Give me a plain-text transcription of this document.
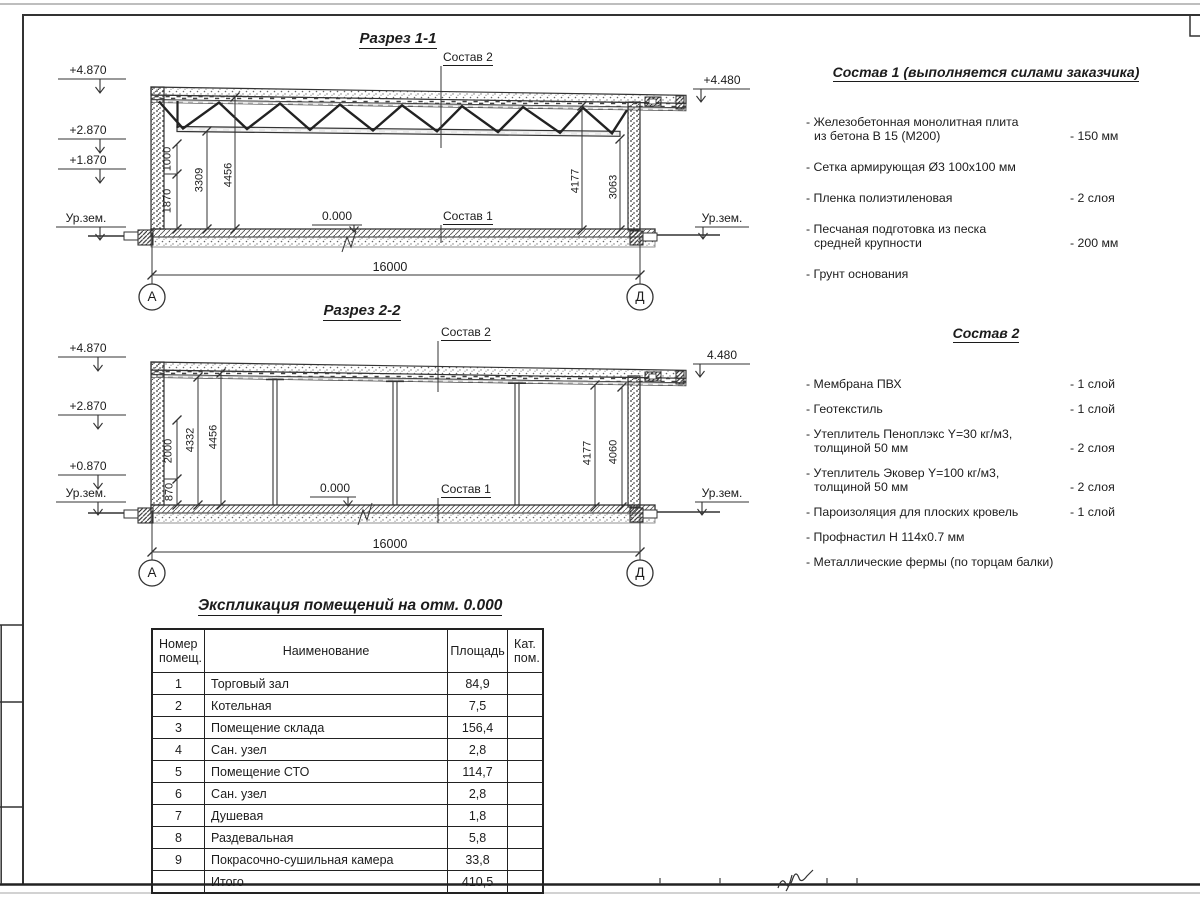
Разрез 1-1
Состав 2
Состав 1
0.000
+4.870
+2.870
+1.870
Ур.зем.
+4.480
Ур.зем.
1870
1000
3309 4456	4177 3063
16000
А	Д
Разрез 2-2
Состав 2
Состав 1
0.000
+4.870
+2.870
+0.870
Ур.зем.
4.480
Ур.зем.
870
2000 4332 4456
4177 4060
16000
А	Д
Состав 1 (выполняется силами заказчика)
- Железобетонная монолитная плита
из бетона В 15 (М200)	- 150 мм
- Сетка армирующая Ø3 100х100 мм
- Пленка полиэтиленовая	- 2 слоя
- Песчаная подготовка из песка
средней крупности	- 200 мм
- Грунт основания
Состав 2
- Мембрана ПВХ	- 1 слой
- Геотекстиль	- 1 слой
- Утеплитель Пеноплэкс Y=30 кг/м3,
толщиной 50 мм	- 2 слоя
- Утеплитель Эковер Y=100 кг/м3,
толщиной 50 мм	- 2 слоя
- Пароизоляция для плоских кровель	- 1 слой
- Профнастил Н 114х0.7 мм
- Металлические фермы (по торцам балки)
Экспликация помещений на отм. 0.000
Номер
помещ.	Наименование	Площадь	Кат.
пом.

1	Торговый зал	84,9	
2	Котельная	7,5	
3	Помещение склада	156,4	
4	Сан. узел	2,8	
5	Помещение СТО	114,7	
6	Сан. узел	2,8	
7	Душевая	1,8	
8	Раздевальная	5,8	
9	Покрасочно-сушильная камера	33,8	
	Итого	410,5	
